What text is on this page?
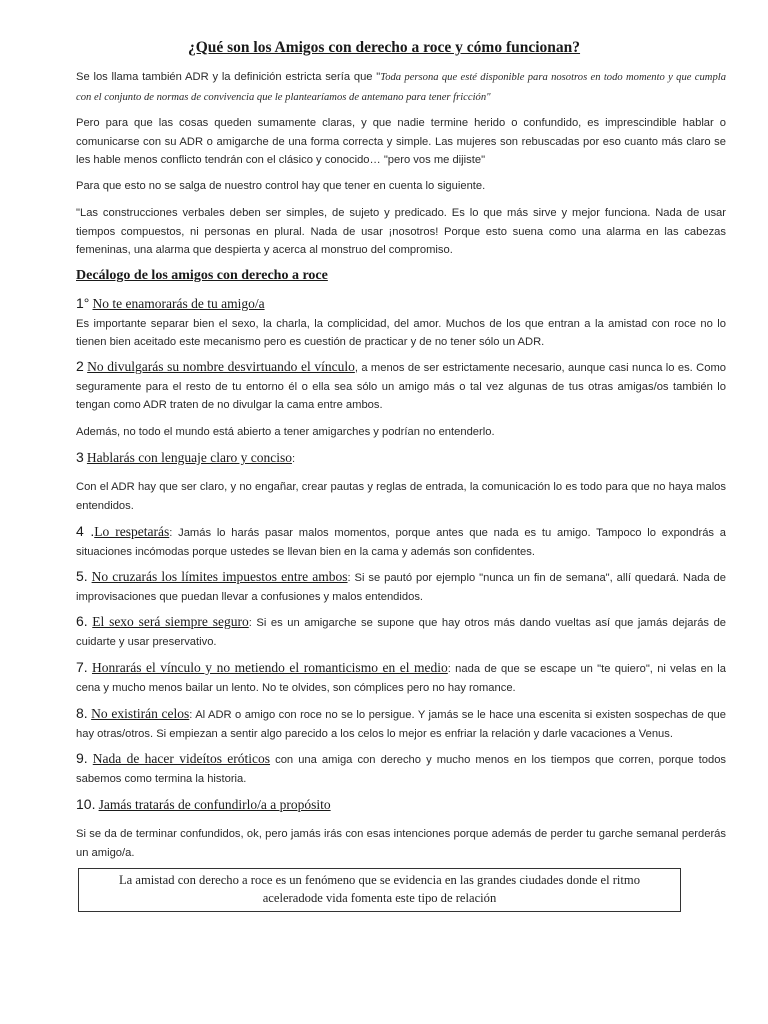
¿Qué son los Amigos con derecho a roce y cómo funcionan?
Se los llama también ADR y la definición estricta sería que "Toda persona que esté disponible para nosotros en todo momento y que cumpla con el conjunto de normas de convivencia que le plantearíamos de antemano para tener fricción"
Pero para que las cosas queden sumamente claras, y que nadie termine herido o confundido, es imprescindible hablar o comunicarse con su ADR o amigarche de una forma correcta y simple. Las mujeres son rebuscadas por eso cuanto más claro se les hable menos conflicto tendrán con el clásico y conocido… "pero vos me dijiste"
Para que esto no se salga de nuestro control hay que tener en cuenta lo siguiente.
"Las construcciones verbales deben ser simples, de sujeto y predicado. Es lo que más sirve y mejor funciona. Nada de usar tiempos compuestos, ni personas en plural. Nada de usar ¡nosotros! Porque esto suena como una alarma en las cabezas femeninas, una alarma que despierta y acerca al monstruo del compromiso.
Decálogo de los amigos con derecho a roce
1° No te enamorarás de tu amigo/a
Es importante separar bien el sexo, la charla, la complicidad, del amor. Muchos de los que entran a la amistad con roce no lo tienen bien aceitado este mecanismo pero es cuestión de practicar y de no tener sólo un ADR.
2 No divulgarás su nombre desvirtuando el vínculo, a menos de ser estrictamente necesario, aunque casi nunca lo es. Como seguramente para el resto de tu entorno él o ella sea sólo un amigo más o tal vez algunas de tus otras amigas/os también lo tengan como ADR traten de no divulgar la cama entre ambos.
Además, no todo el mundo está abierto a tener amigarches y podrían no entenderlo.
3 Hablarás con lenguaje claro y conciso:
Con el ADR hay que ser claro, y no engañar, crear pautas y reglas de entrada, la comunicación lo es todo para que no haya malos entendidos.
4 .Lo respetarás: Jamás lo harás pasar malos momentos, porque antes que nada es tu amigo. Tampoco lo expondrás a situaciones incómodas porque ustedes se llevan bien en la cama y además son confidentes.
5. No cruzarás los límites impuestos entre ambos: Si se pautó por ejemplo "nunca un fin de semana", allí quedará. Nada de improvisaciones que puedan llevar a confusiones y malos entendidos.
6. El sexo será siempre seguro: Si es un amigarche se supone que hay otros más dando vueltas así que jamás dejarás de cuidarte y usar preservativo.
7. Honrarás el vínculo y no metiendo el romanticismo en el medio: nada de que se escape un "te quiero", ni velas en la cena y mucho menos bailar un lento. No te olvides, son cómplices pero no hay romance.
8. No existirán celos: Al ADR o amigo con roce no se lo persigue. Y jamás se le hace una escenita si existen sospechas de que hay otras/otros. Si empiezan a sentir algo parecido a los celos lo mejor es enfriar la relación y darle vacaciones a Venus.
9. Nada de hacer videítos eróticos con una amiga con derecho y mucho menos en los tiempos que corren, porque todos sabemos como termina la historia.
10. Jamás tratarás de confundirlo/a a propósito
Si se da de terminar confundidos, ok, pero jamás irás con esas intenciones porque además de perder tu garche semanal perderás un amigo/a.
La amistad con derecho a roce es un fenómeno que se evidencia en las grandes ciudades donde el ritmo
aceleradode vida fomenta este tipo de relación
